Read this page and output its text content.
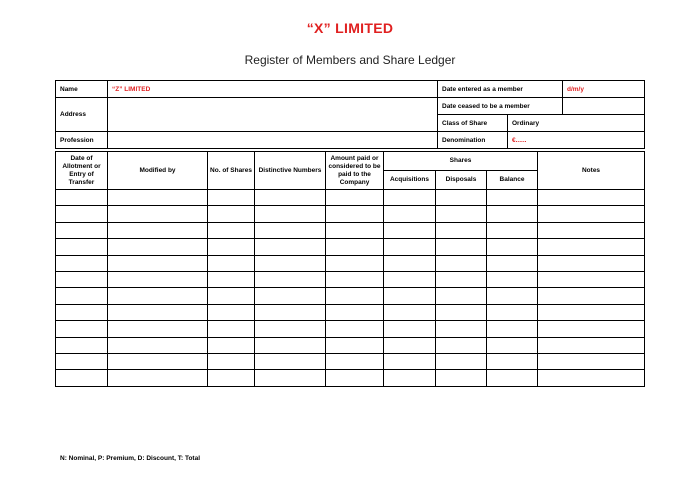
“X” LIMITED
Register of Members and Share Ledger
Name	“Z” LIMITED	Date entered as a member		d/m/y
Address		Date ceased to be a member		
		Class of Share	Ordinary	
Profession		Denomination	€......	
Date of Allotment or Entry of Transfer	Modified by	No. of Shares	Distinctive Numbers	Amount paid or considered to be paid to the Company	Shares			Notes
					Acquisitions	Disposals	Balance	

N: Nominal, P: Premium, D: Discount, T: Total
